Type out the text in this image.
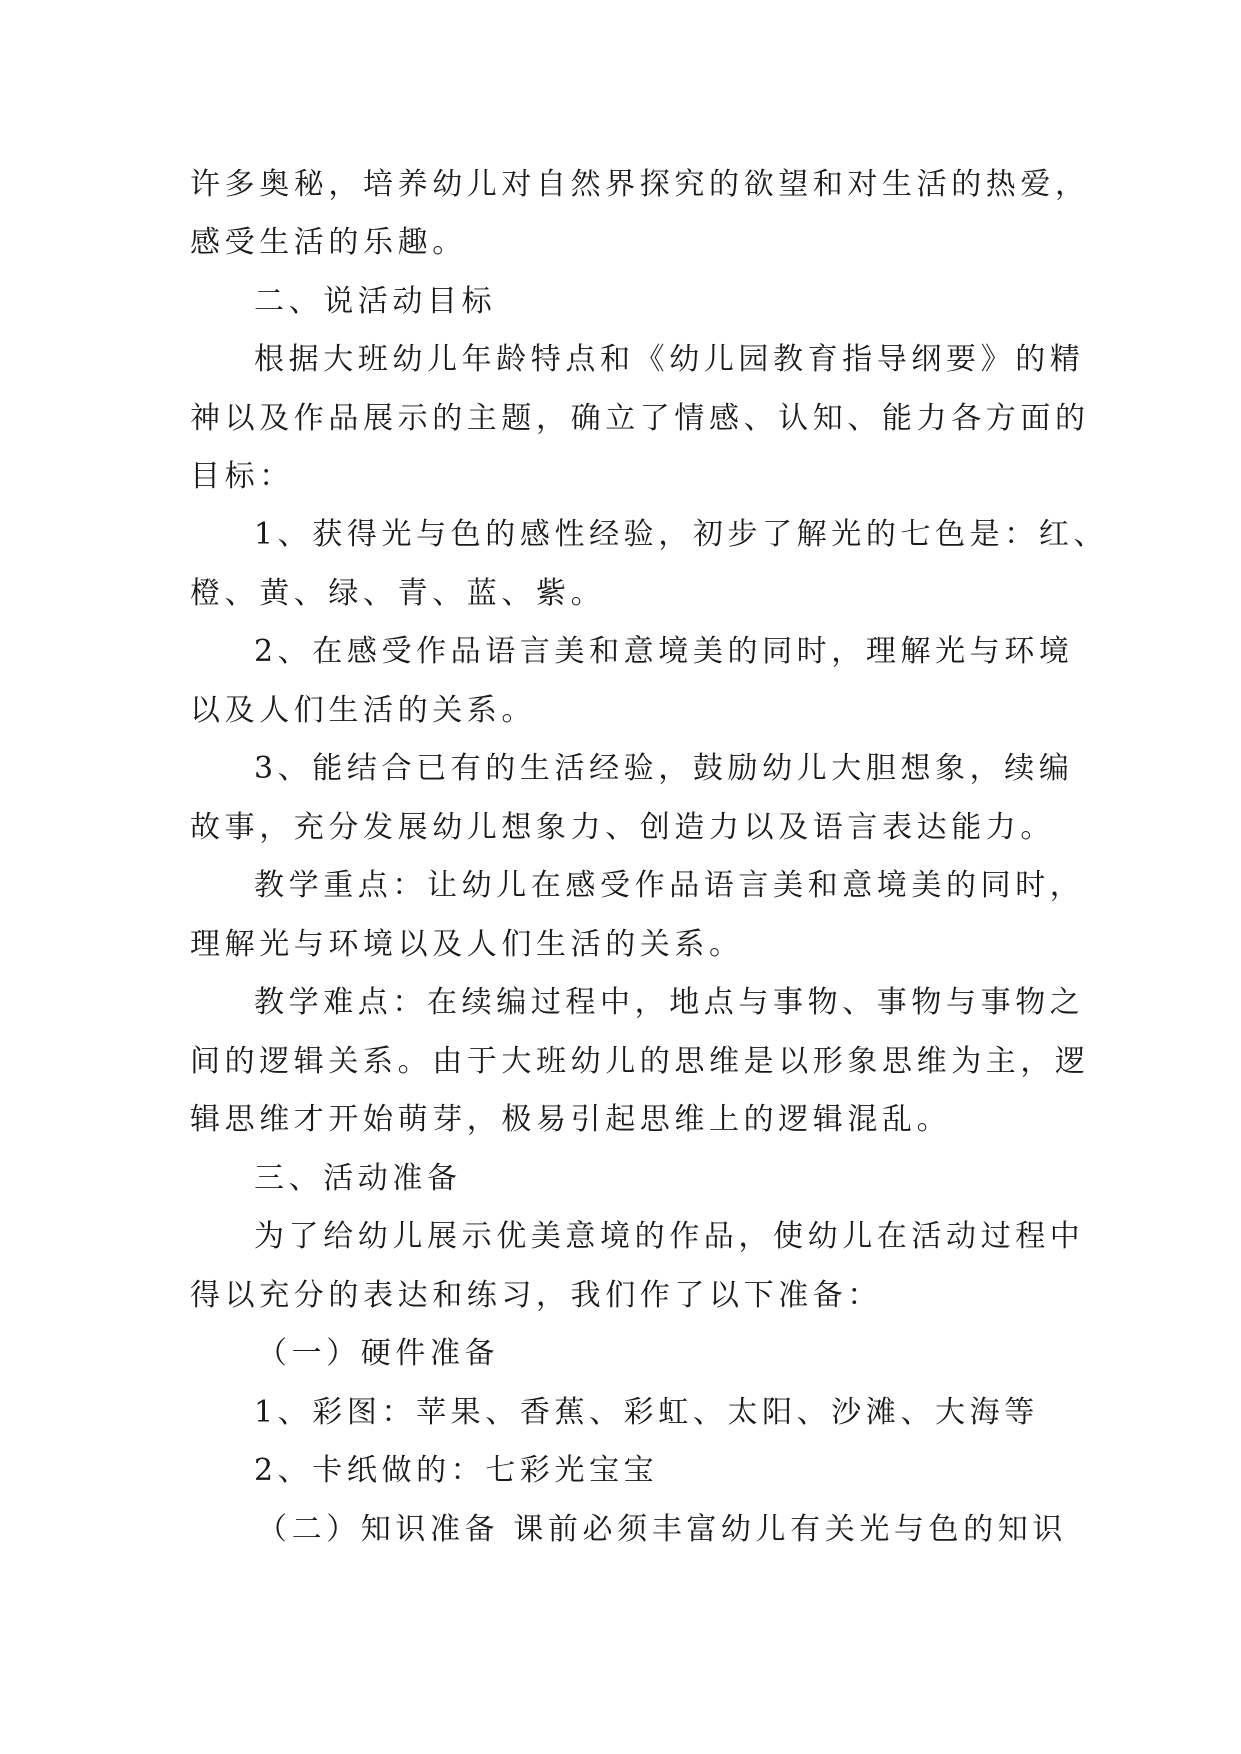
许多奥秘，培养幼儿对自然界探究的欲望和对生活的热爱，

感受生活的乐趣。

二、说活动目标

根据大班幼儿年龄特点和《幼儿园教育指导纲要》的精

神以及作品展示的主题，确立了情感、认知、能力各方面的

目标：

1、获得光与色的感性经验，初步了解光的七色是：红、

橙、黄、绿、青、蓝、紫。

2、在感受作品语言美和意境美的同时，理解光与环境

以及人们生活的关系。

3、能结合已有的生活经验，鼓励幼儿大胆想象，续编

故事，充分发展幼儿想象力、创造力以及语言表达能力。

教学重点：让幼儿在感受作品语言美和意境美的同时，

理解光与环境以及人们生活的关系。

教学难点：在续编过程中，地点与事物、事物与事物之

间的逻辑关系。由于大班幼儿的思维是以形象思维为主，逻

辑思维才开始萌芽，极易引起思维上的逻辑混乱。

三、活动准备

为了给幼儿展示优美意境的作品，使幼儿在活动过程中

得以充分的表达和练习，我们作了以下准备：

（一）硬件准备

1、彩图：苹果、香蕉、彩虹、太阳、沙滩、大海等

2、卡纸做的：七彩光宝宝

（二）知识准备 课前必须丰富幼儿有关光与色的知识
